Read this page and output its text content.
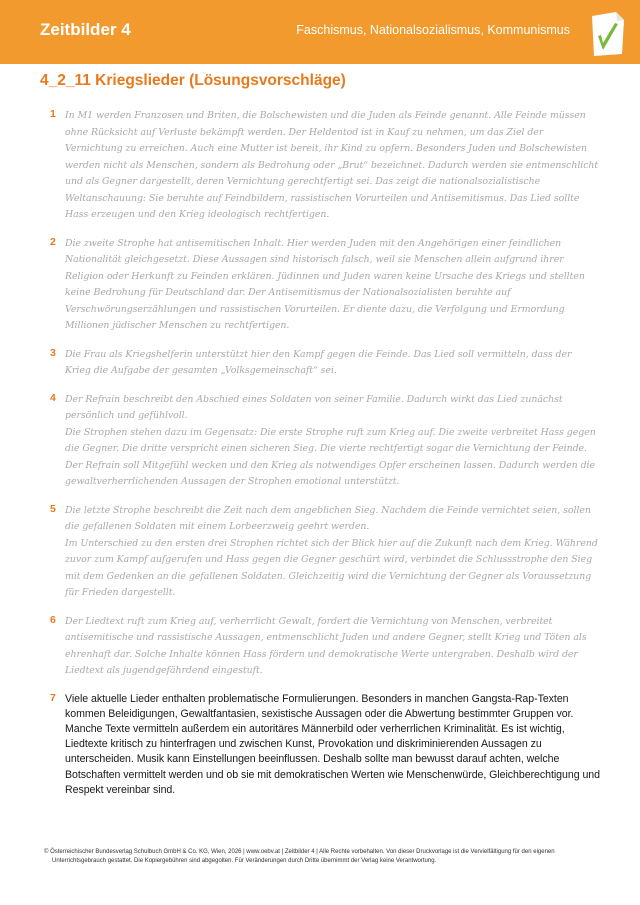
Zeitbilder 4	Faschismus, Nationalsozialismus, Kommunismus
4_2_11 Kriegslieder (Lösungsvorschläge)
1 In M1 werden Franzosen und Briten, die Bolschewisten und die Juden als Feinde genannt. Alle Feinde müssen ohne Rücksicht auf Verluste bekämpft werden. Der Heldentod ist in Kauf zu nehmen, um das Ziel der Vernichtung zu erreichen. Auch eine Mutter ist bereit, ihr Kind zu opfern. Besonders Juden und Bolschewisten werden nicht als Menschen, sondern als Bedrohung oder „Brut“ bezeichnet. Dadurch werden sie entmenschlicht und als Gegner dargestellt, deren Vernichtung gerechtfertigt sei. Das zeigt die nationalsozialistische Weltanschauung: Sie beruhte auf Feindbildern, rassistischen Vorurteilen und Antisemitismus. Das Lied sollte Hass erzeugen und den Krieg ideologisch rechtfertigen.

2 Die zweite Strophe hat antisemitischen Inhalt. Hier werden Juden mit den Angehörigen einer feindlichen Nationalität gleichgesetzt. Diese Aussagen sind historisch falsch, weil sie Menschen allein aufgrund ihrer Religion oder Herkunft zu Feinden erklären. Jüdinnen und Juden waren keine Ursache des Kriegs und stellten keine Bedrohung für Deutschland dar. Der Antisemitismus der Nationalsozialisten beruhte auf Verschwörungserzählungen und rassistischen Vorurteilen. Er diente dazu, die Verfolgung und Ermordung Millionen jüdischer Menschen zu rechtfertigen.

3 Die Frau als Kriegshelferin unterstützt hier den Kampf gegen die Feinde. Das Lied soll vermitteln, dass der Krieg die Aufgabe der gesamten „Volksgemeinschaft“ sei.

4 Der Refrain beschreibt den Abschied eines Soldaten von seiner Familie. Dadurch wirkt das Lied zunächst persönlich und gefühlvoll.

Die Strophen stehen dazu im Gegensatz: Die erste Strophe ruft zum Krieg auf. Die zweite verbreitet Hass gegen die Gegner. Die dritte verspricht einen sicheren Sieg. Die vierte rechtfertigt sogar die Vernichtung der Feinde.

Der Refrain soll Mitgefühl wecken und den Krieg als notwendiges Opfer erscheinen lassen. Dadurch werden die gewaltverherrlichenden Aussagen der Strophen emotional unterstützt.

5 Die letzte Strophe beschreibt die Zeit nach dem angeblichen Sieg. Nachdem die Feinde vernichtet seien, sollen die gefallenen Soldaten mit einem Lorbeerzweig geehrt werden.

Im Unterschied zu den ersten drei Strophen richtet sich der Blick hier auf die Zukunft nach dem Krieg. Während zuvor zum Kampf aufgerufen und Hass gegen die Gegner geschürt wird, verbindet die Schlussstrophe den Sieg mit dem Gedenken an die gefallenen Soldaten. Gleichzeitig wird die Vernichtung der Gegner als Voraussetzung für Frieden dargestellt.

6 Der Liedtext ruft zum Krieg auf, verherrlicht Gewalt, fordert die Vernichtung von Menschen, verbreitet antisemitische und rassistische Aussagen, entmenschlicht Juden und andere Gegner, stellt Krieg und Töten als ehrenhaft dar. Solche Inhalte können Hass fördern und demokratische Werte untergraben. Deshalb wird der Liedtext als jugendgefährdend eingestuft.

7 Viele aktuelle Lieder enthalten problematische Formulierungen. Besonders in manchen Gangsta-Rap-Texten kommen Beleidigungen, Gewaltfantasien, sexistische Aussagen oder die Abwertung bestimmter Gruppen vor. Manche Texte vermitteln außerdem ein autoritäres Männerbild oder verherrlichen Kriminalität. Es ist wichtig, Liedtexte kritisch zu hinterfragen und zwischen Kunst, Provokation und diskriminierenden Aussagen zu unterscheiden. Musik kann Einstellungen beeinflussen. Deshalb sollte man bewusst darauf achten, welche Botschaften vermittelt werden und ob sie mit demokratischen Werten wie Menschenwürde, Gleichberechtigung und Respekt vereinbar sind.

© Österreichischer Bundesverlag Schulbuch GmbH & Co. KG, Wien, 2026 | www.oebv.at | Zeitbilder 4 | Alle Rechte vorbehalten. Von dieser Druckvorlage ist die Vervielfältigung für den eigenen
Unterrichtsgebrauch gestattet. Die Kopiergebühren sind abgegolten. Für Veränderungen durch Dritte übernimmt der Verlag keine Verantwortung.
